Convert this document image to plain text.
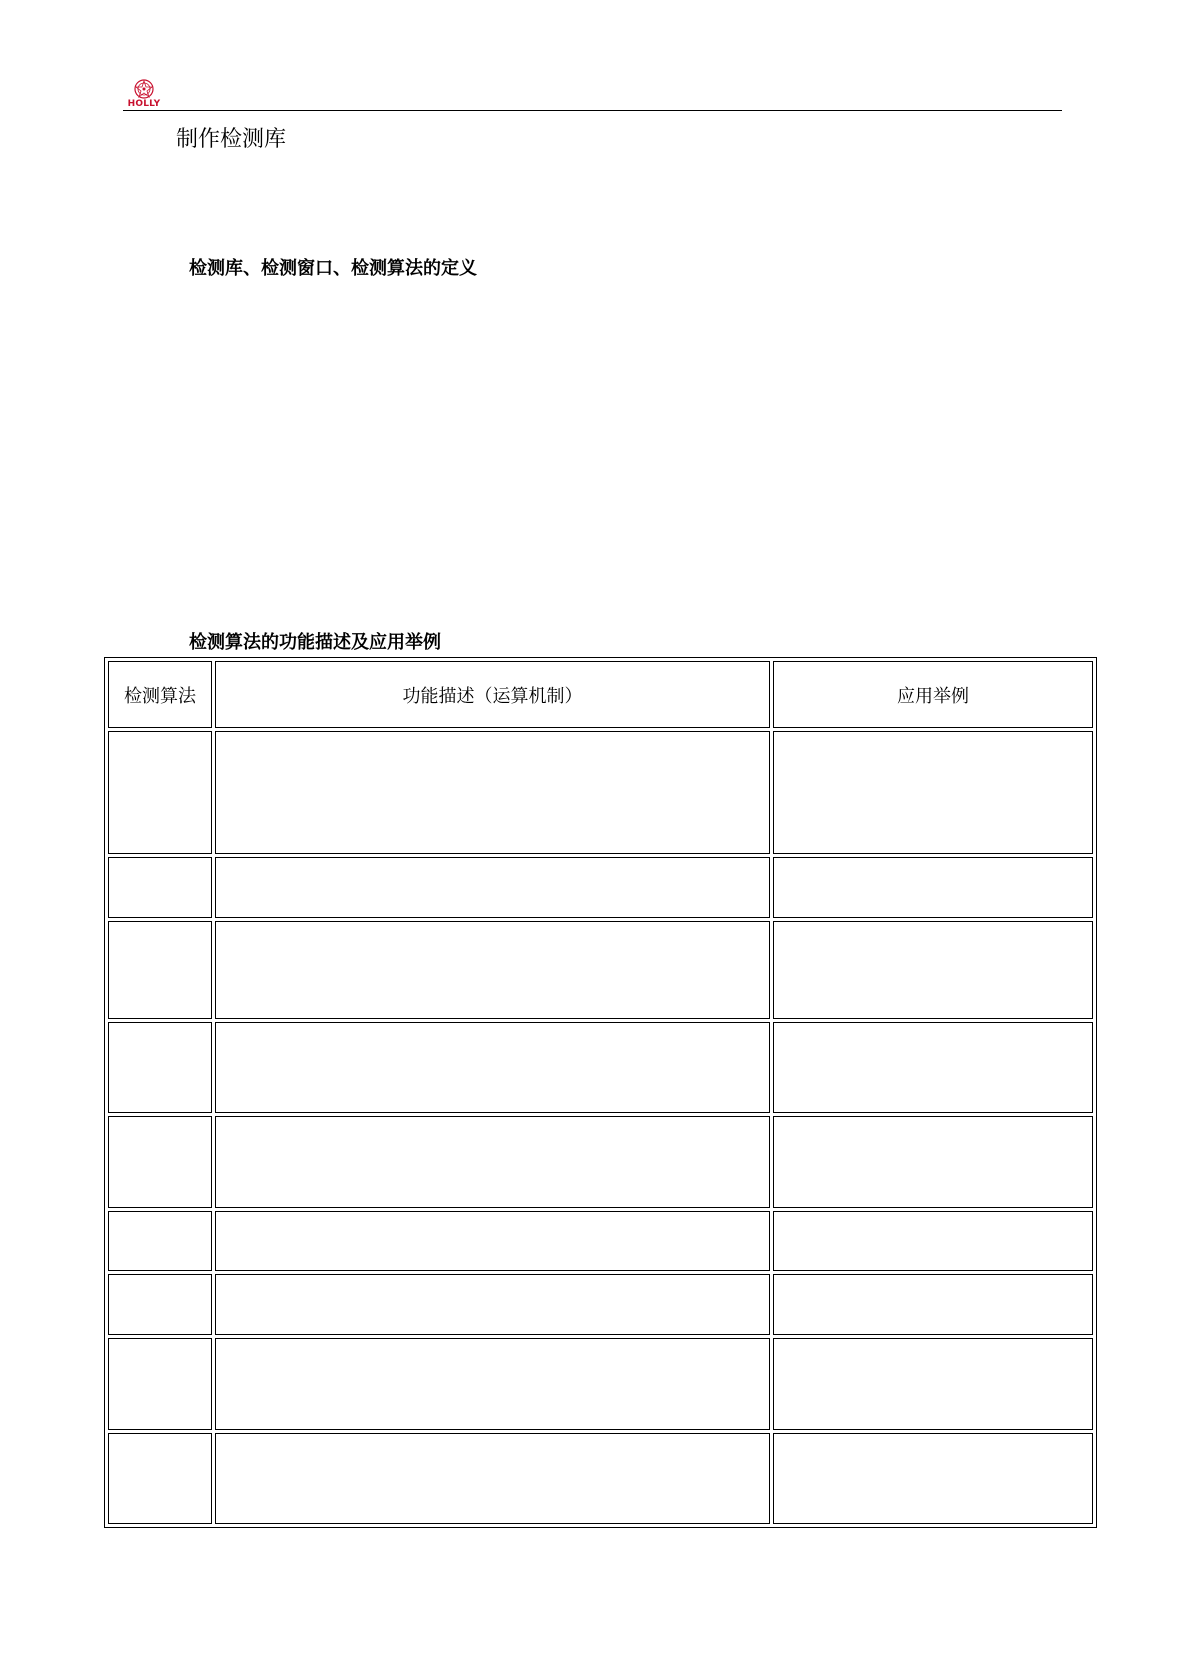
HOLLY
制作检测库
检测库、检测窗口、检测算法的定义
检测算法的功能描述及应用举例
检测算法	功能描述（运算机制）	应用举例
